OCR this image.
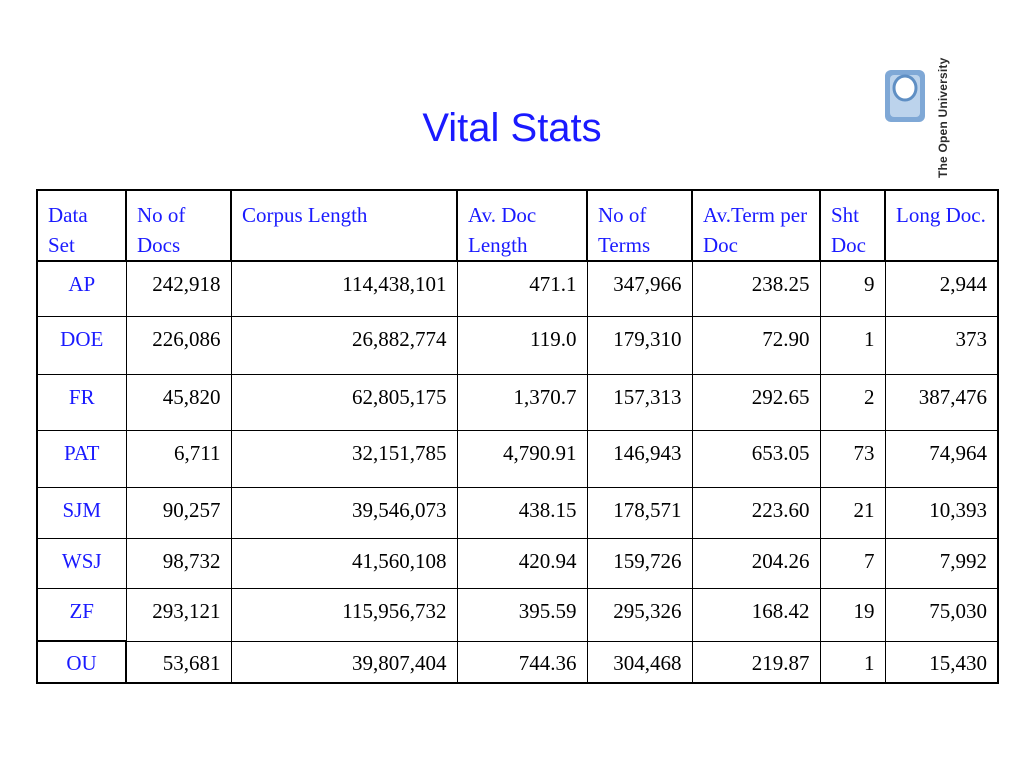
Vital Stats	The Open University
Data Set	No of Docs	Corpus Length	Av. Doc Length	No of Terms	Av.Term per Doc	Sht Doc	Long Doc.
AP	242,918	114,438,101	471.1	347,966	238.25	9	2,944
DOE	226,086	26,882,774	119.0	179,310	72.90	1	373
FR	45,820	62,805,175	1,370.7	157,313	292.65	2	387,476
PAT	6,711	32,151,785	4,790.91	146,943	653.05	73	74,964
SJM	90,257	39,546,073	438.15	178,571	223.60	21	10,393
WSJ	98,732	41,560,108	420.94	159,726	204.26	7	7,992
ZF	293,121	115,956,732	395.59	295,326	168.42	19	75,030
OU	53,681	39,807,404	744.36	304,468	219.87	1	15,430
